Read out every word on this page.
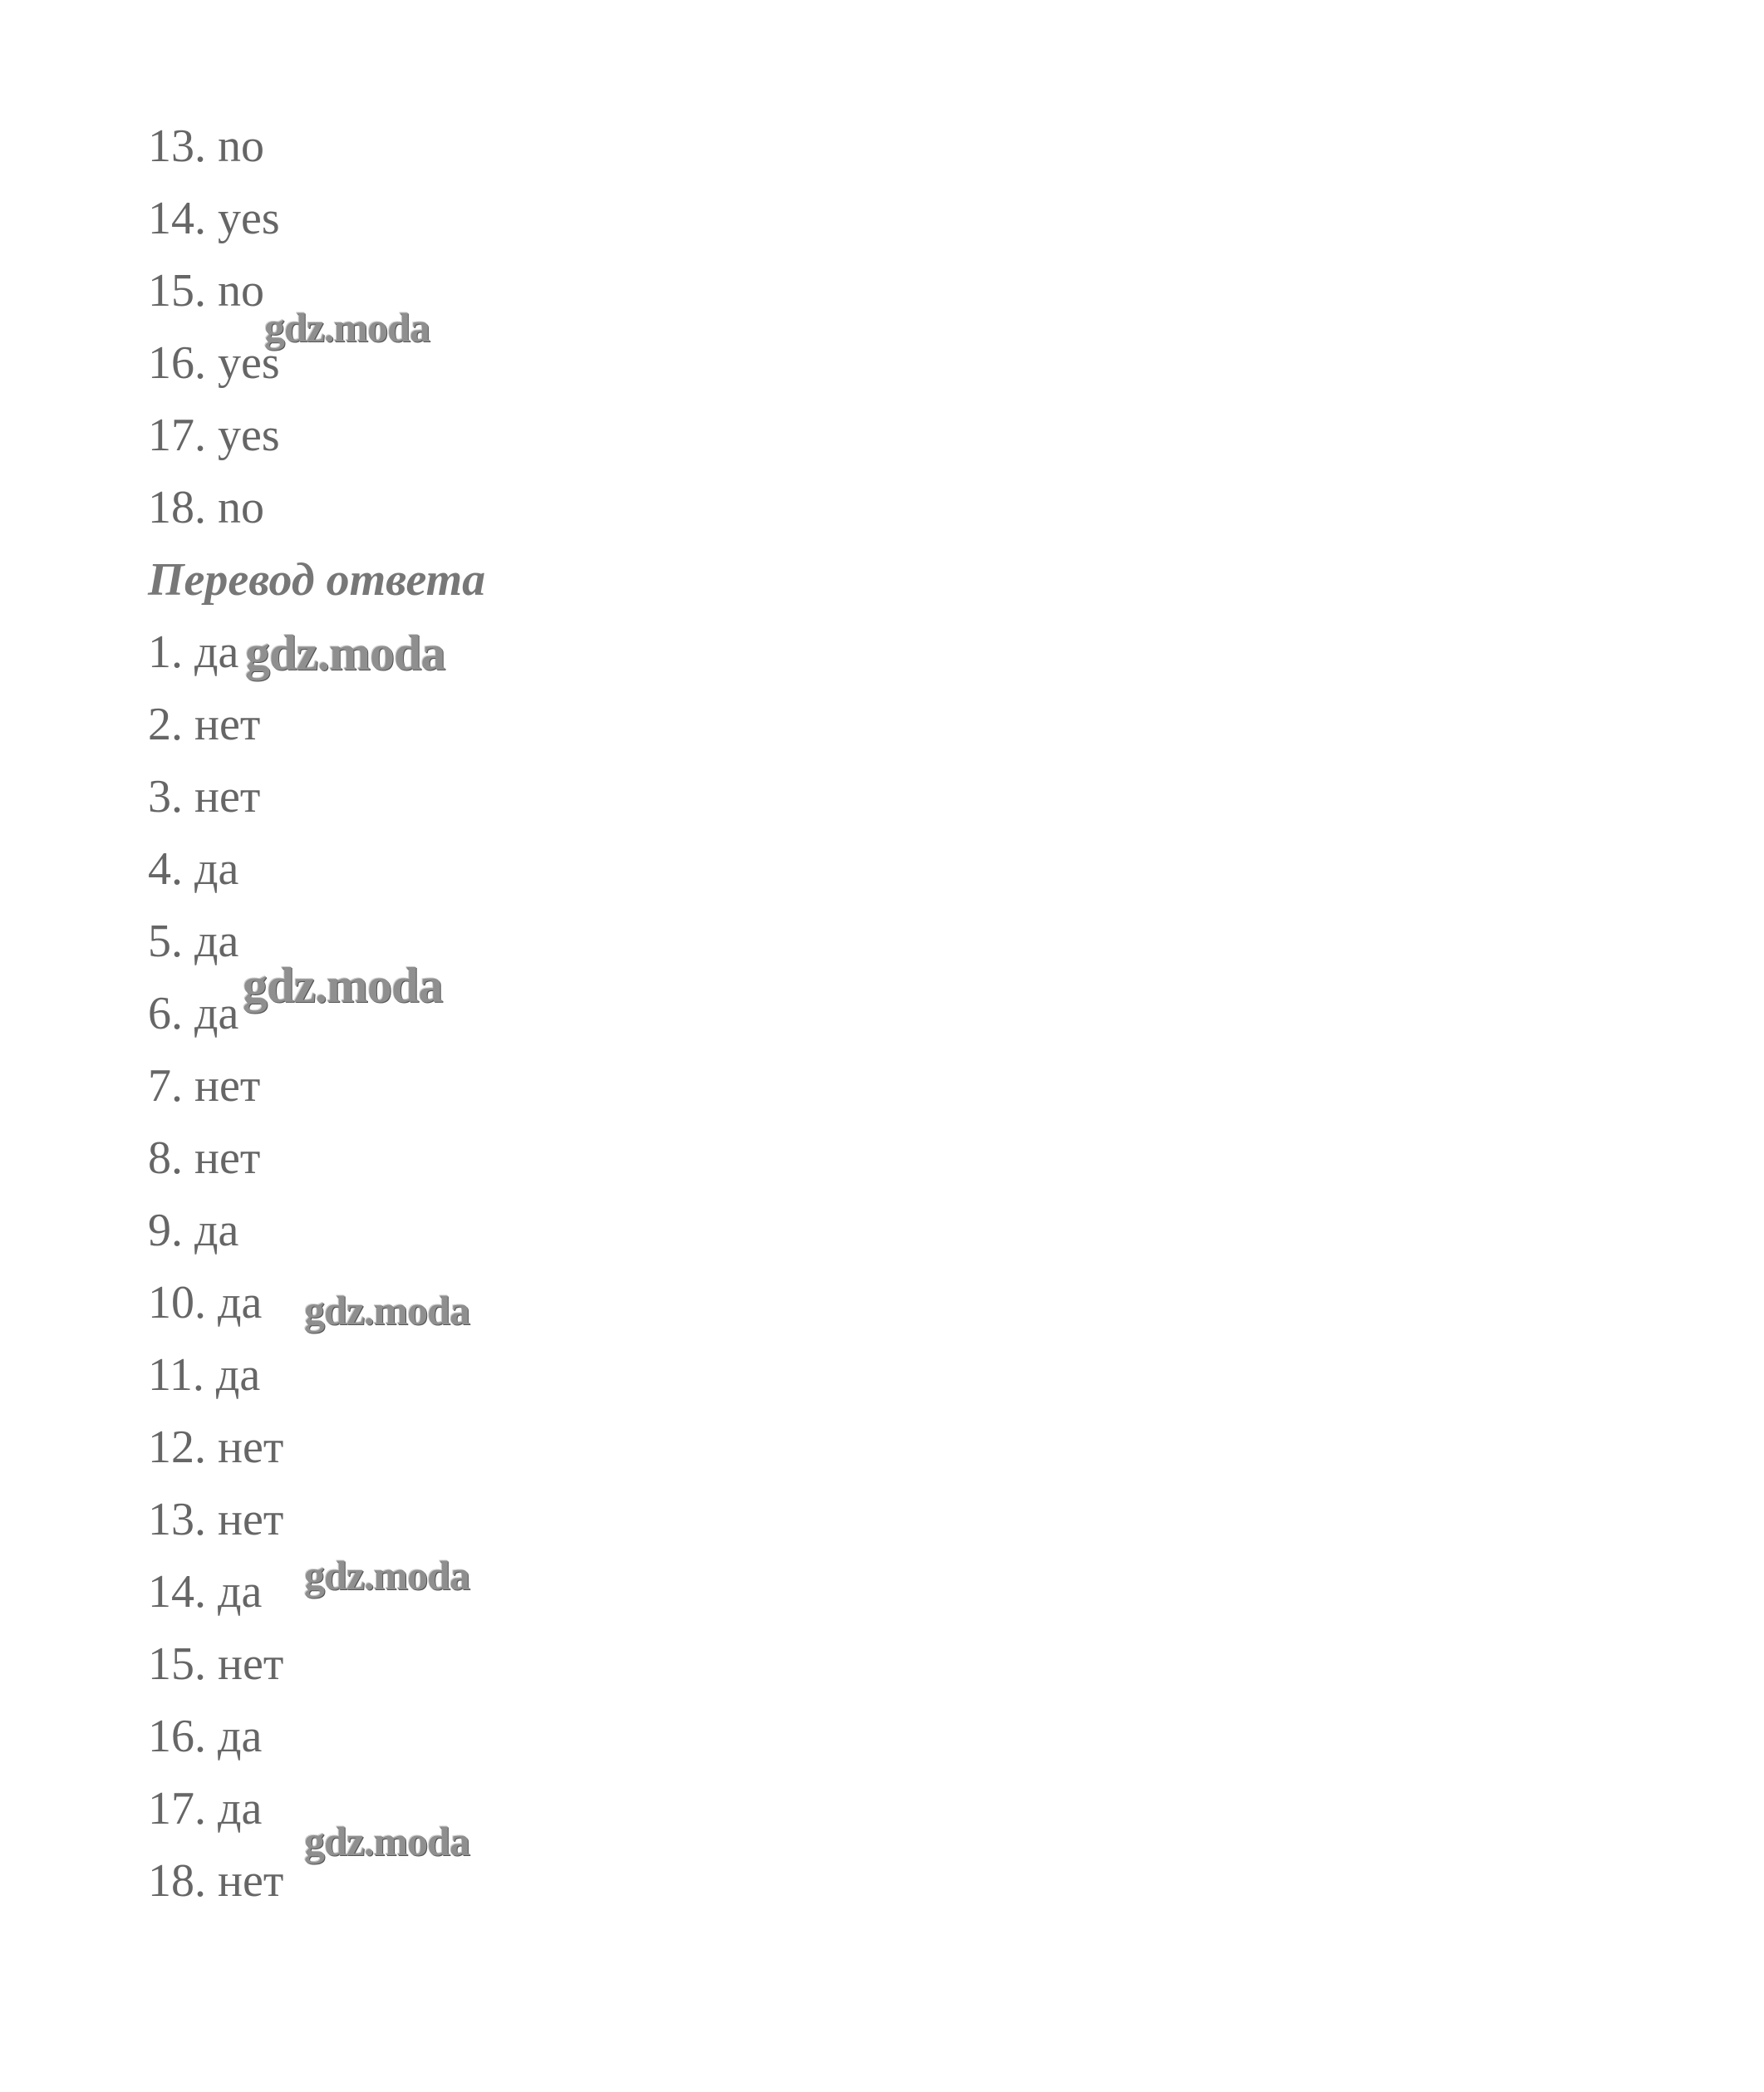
13. no
14. yes
15. no
16. yes
17. yes
18. no
Перевод ответа
1. да
2. нет
3. нет
4. да
5. да
6. да
7. нет
8. нет
9. да
10. да
11. да
12. нет
13. нет
14. да
15. нет
16. да
17. да
18. нет
gdz.moda
gdz.moda
gdz.moda
gdz.moda
gdz.moda
gdz.moda
